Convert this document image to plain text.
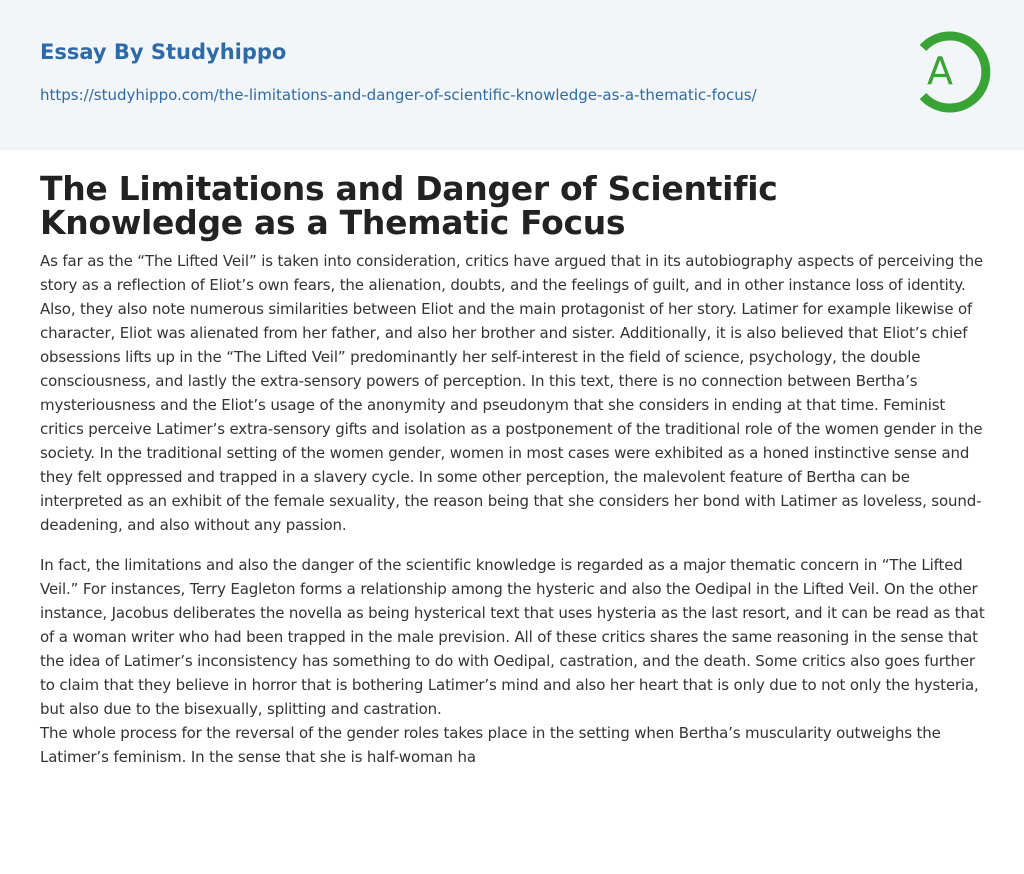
Essay By Studyhippo
https://studyhippo.com/the-limitations-and-danger-of-scientific-knowledge-as-a-thematic-focus/
A
The Limitations and Danger of Scientific Knowledge as a Thematic Focus

As far as the “The Lifted Veil” is taken into consideration, critics have argued that in its autobiography aspects of perceiving the story as a reflection of Eliot’s own fears, the alienation, doubts, and the feelings of guilt, and in other instance loss of identity. Also, they also note numerous similarities between Eliot and the main protagonist of her story. Latimer for example likewise of character, Eliot was alienated from her father, and also her brother and sister. Additionally, it is also believed that Eliot’s chief obsessions lifts up in the “The Lifted Veil” predominantly her self-interest in the field of science, psychology, the double consciousness, and lastly the extra-sensory powers of perception. In this text, there is no connection between Bertha’s mysteriousness and the Eliot’s usage of the anonymity and pseudonym that she considers in ending at that time. Feminist critics perceive Latimer’s extra-sensory gifts and isolation as a postponement of the traditional role of the women gender in the society. In the traditional setting of the women gender, women in most cases were exhibited as a honed instinctive sense and they felt oppressed and trapped in a slavery cycle. In some other perception, the malevolent feature of Bertha can be interpreted as an exhibit of the female sexuality, the reason being that she considers her bond with Latimer as loveless, sound-deadening, and also without any passion.

In fact, the limitations and also the danger of the scientific knowledge is regarded as a major thematic concern in “The Lifted Veil.” For instances, Terry Eagleton forms a relationship among the hysteric and also the Oedipal in the Lifted Veil. On the other instance, Jacobus deliberates the novella as being hysterical text that uses hysteria as the last resort, and it can be read as that of a woman writer who had been trapped in the male prevision. All of these critics shares the same reasoning in the sense that the idea of Latimer’s inconsistency has something to do with Oedipal, castration, and the death. Some critics also goes further to claim that they believe in horror that is bothering Latimer’s mind and also her heart that is only due to not only the hysteria, but also due to the bisexually, splitting and castration.

The whole process for the reversal of the gender roles takes place in the setting when Bertha’s muscularity outweighs the Latimer’s feminism. In the sense that she is half-woman ha
